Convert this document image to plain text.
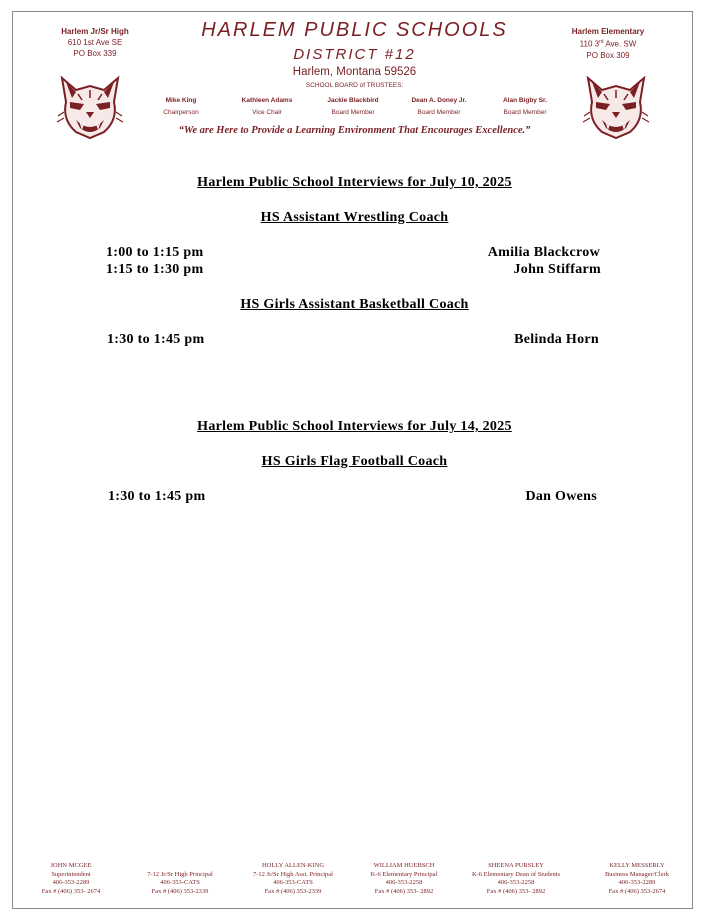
Harlem Jr/Sr High
610 1st Ave SE
PO Box 339
Harlem Elementary
110 3rd Ave. SW
PO Box 309
HARLEM PUBLIC SCHOOLS
DISTRICT #12
Harlem, Montana 59526
SCHOOL BOARD of TRUSTEES:
Mike King
Chairperson
Kathleen Adams
Vice Chair
Jackie Blackbird
Board Member
Dean A. Doney Jr.
Board Member
Alan Bigby Sr.
Board Member
“We are Here to Provide a Learning Environment That Encourages Excellence.”
Harlem Public School Interviews for July 10, 2025
HS Assistant Wrestling Coach
1:00 to 1:15 pm	Amilia Blackcrow
1:15 to 1:30 pm	John Stiffarm
HS Girls Assistant Basketball Coach
1:30 to 1:45 pm	Belinda Horn
Harlem Public School Interviews for July 14, 2025
HS Girls Flag Football Coach
1:30 to 1:45 pm	Dan Owens
JOHN MCGEE
Superintendent
406-353-2289
Fax # (406) 353- 2674

7-12 Jr/Sr High Principal
406-353-CATS
Fax # (406) 353-2339
HOLLY ALLEN-KING
7-12 Jr/Sr High Asst. Principal
406-353-CATS
Fax # (406) 353-2339
WILLIAM HUEBSCH
K-6 Elementary Principal
406-353-2258
Fax # (406) 353- 2892
SHEENA PURSLEY
K-6 Elementary Dean of Students
406-353-2258
Fax # (406) 353- 2892
KELLY MESSERLY
Business Manager/Clerk
406-353-2289
Fax # (406) 353-2674
